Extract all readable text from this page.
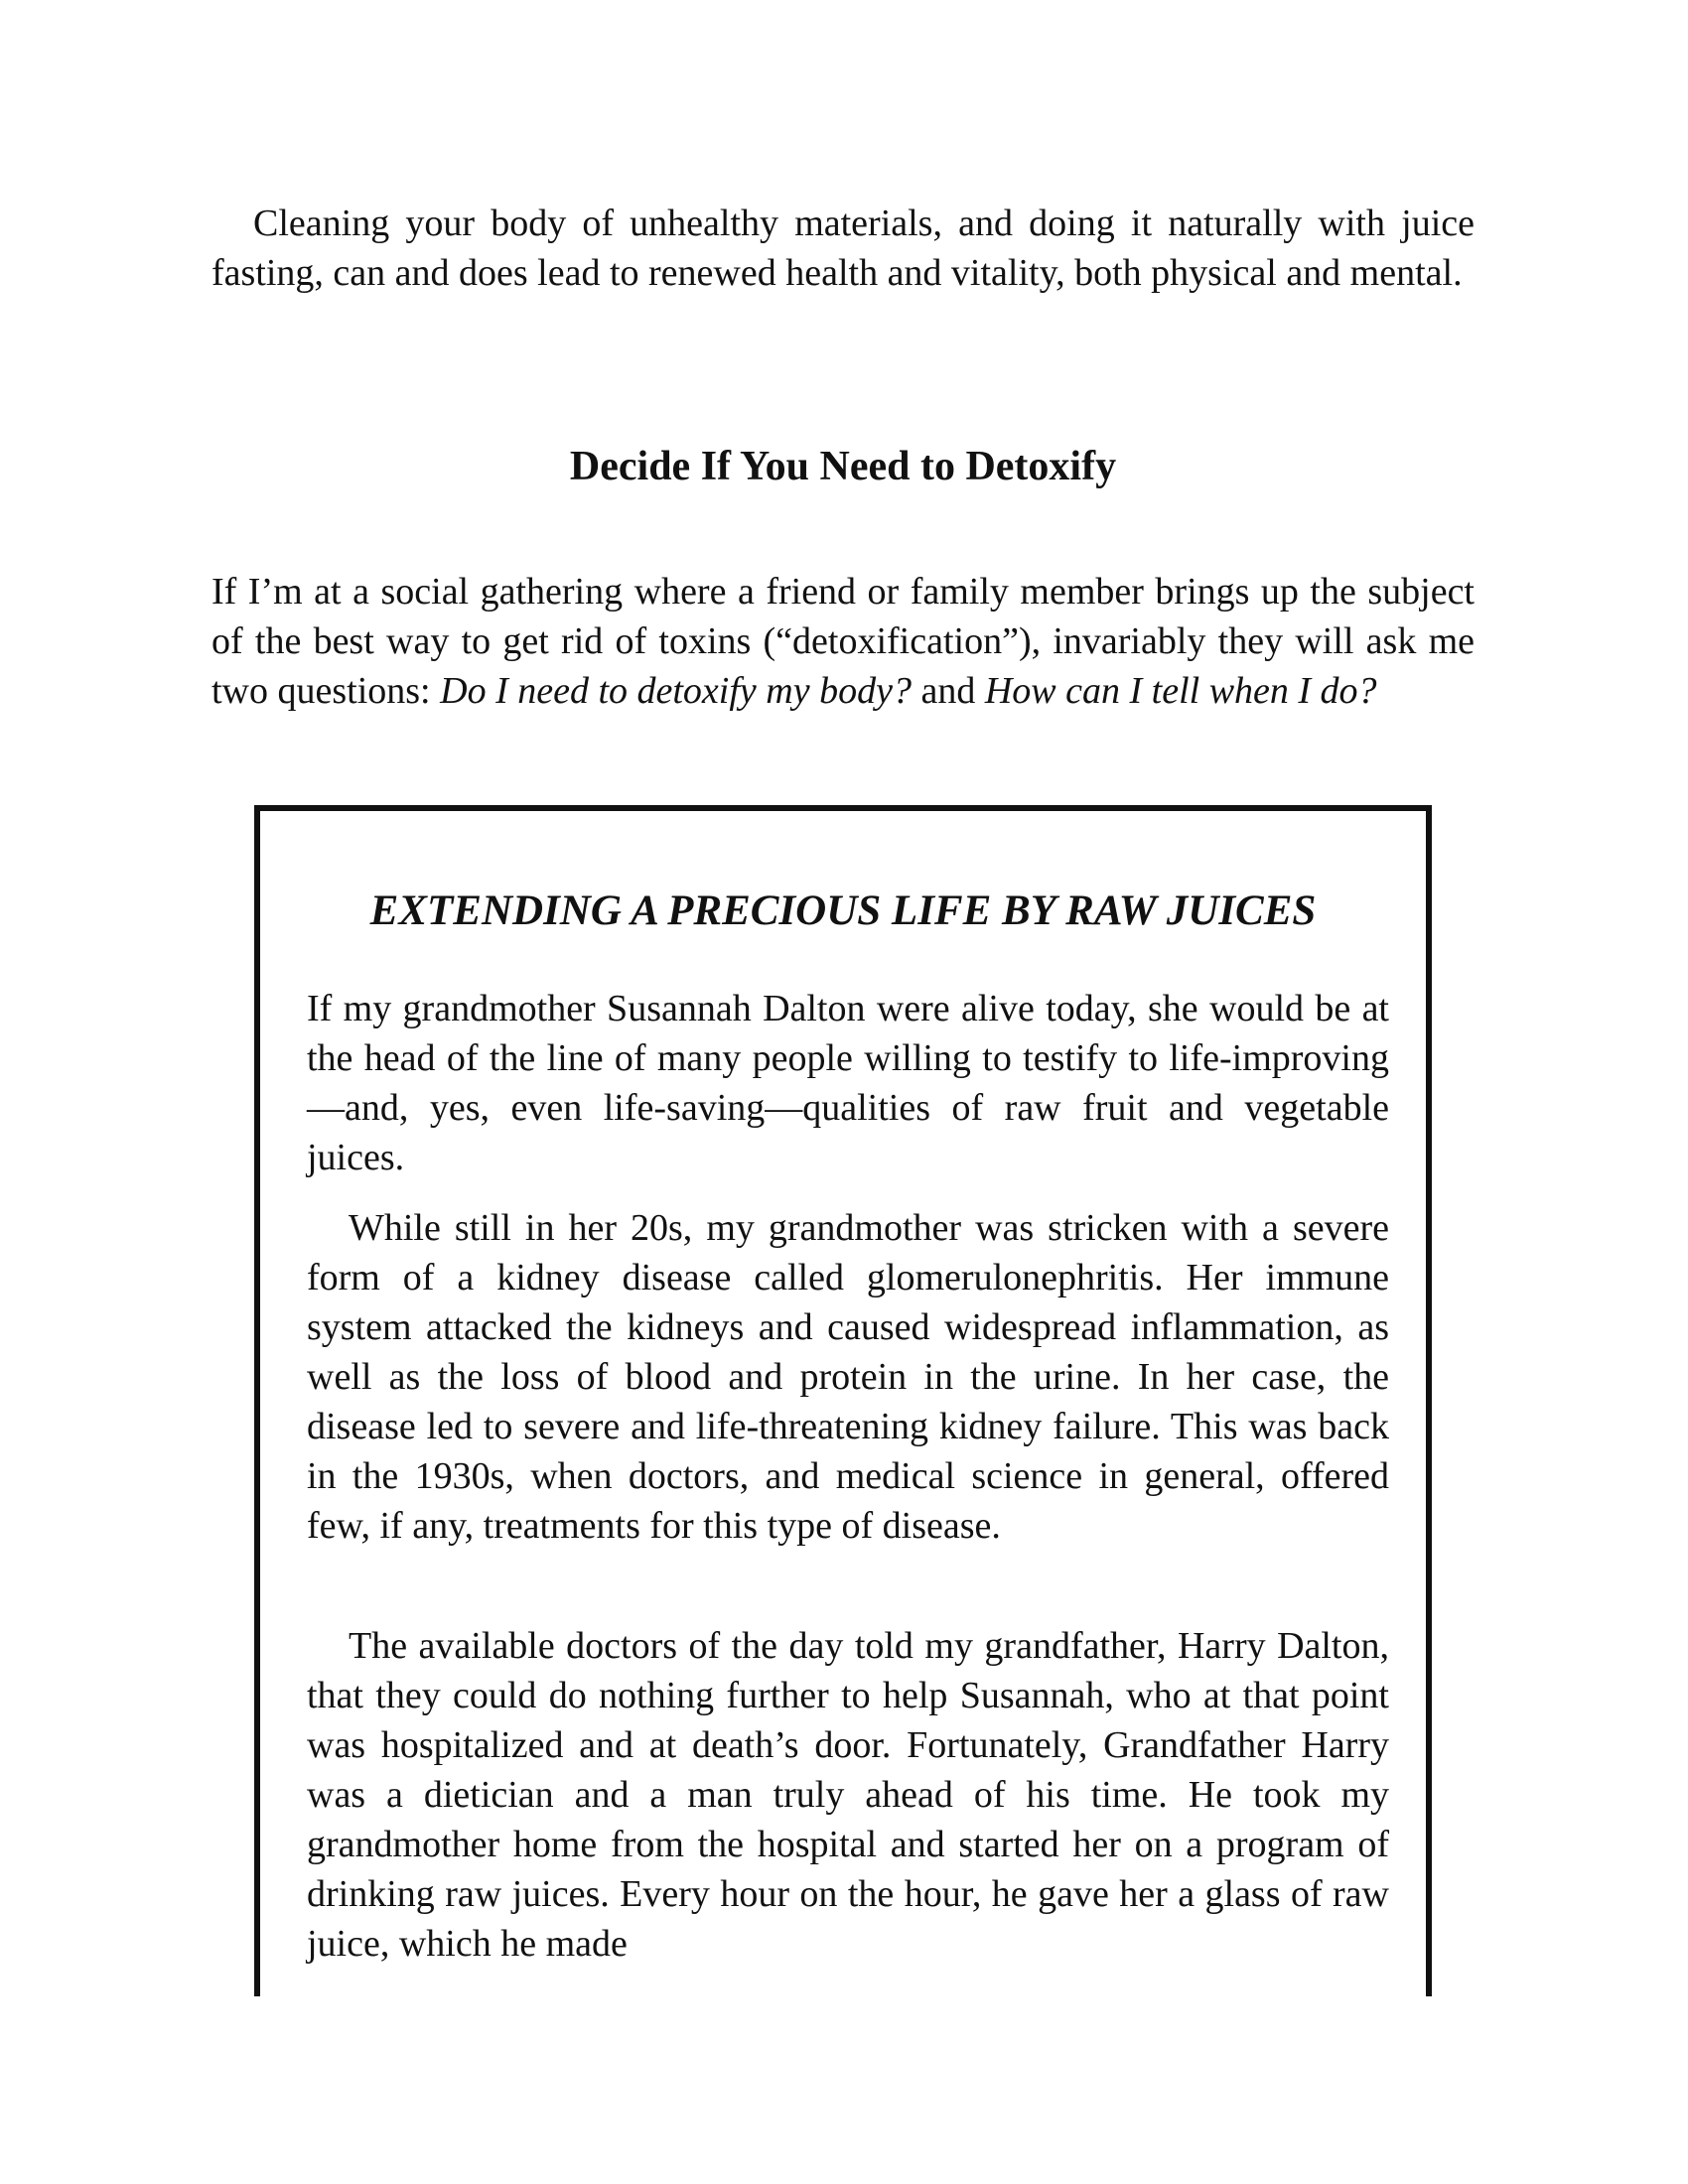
Cleaning your body of unhealthy materials, and doing it naturally with juice fasting, can and does lead to renewed health and vitality, both physical and mental.

Decide If You Need to Detoxify

If I’m at a social gathering where a friend or family member brings up the subject of the best way to get rid of toxins (“detoxification”), invariably they will ask me two questions: Do I need to detoxify my body? and How can I tell when I do?

EXTENDING A PRECIOUS LIFE BY RAW JUICES

If my grandmother Susannah Dalton were alive today, she would be at the head of the line of many people willing to testify to life-improving—and, yes, even life-saving—qualities of raw fruit and vegetable juices.

While still in her 20s, my grandmother was stricken with a severe form of a kidney disease called glomerulonephritis. Her immune system attacked the kidneys and caused widespread inflammation, as well as the loss of blood and protein in the urine. In her case, the disease led to severe and life-threatening kidney failure. This was back in the 1930s, when doctors, and medical science in general, offered few, if any, treatments for this type of disease.

The available doctors of the day told my grandfather, Harry Dalton, that they could do nothing further to help Susannah, who at that point was hospitalized and at death’s door. Fortunately, Grandfather Harry was a dietician and a man truly ahead of his time. He took my grandmother home from the hospital and started her on a program of drinking raw juices. Every hour on the hour, he gave her a glass of raw juice, which he made
